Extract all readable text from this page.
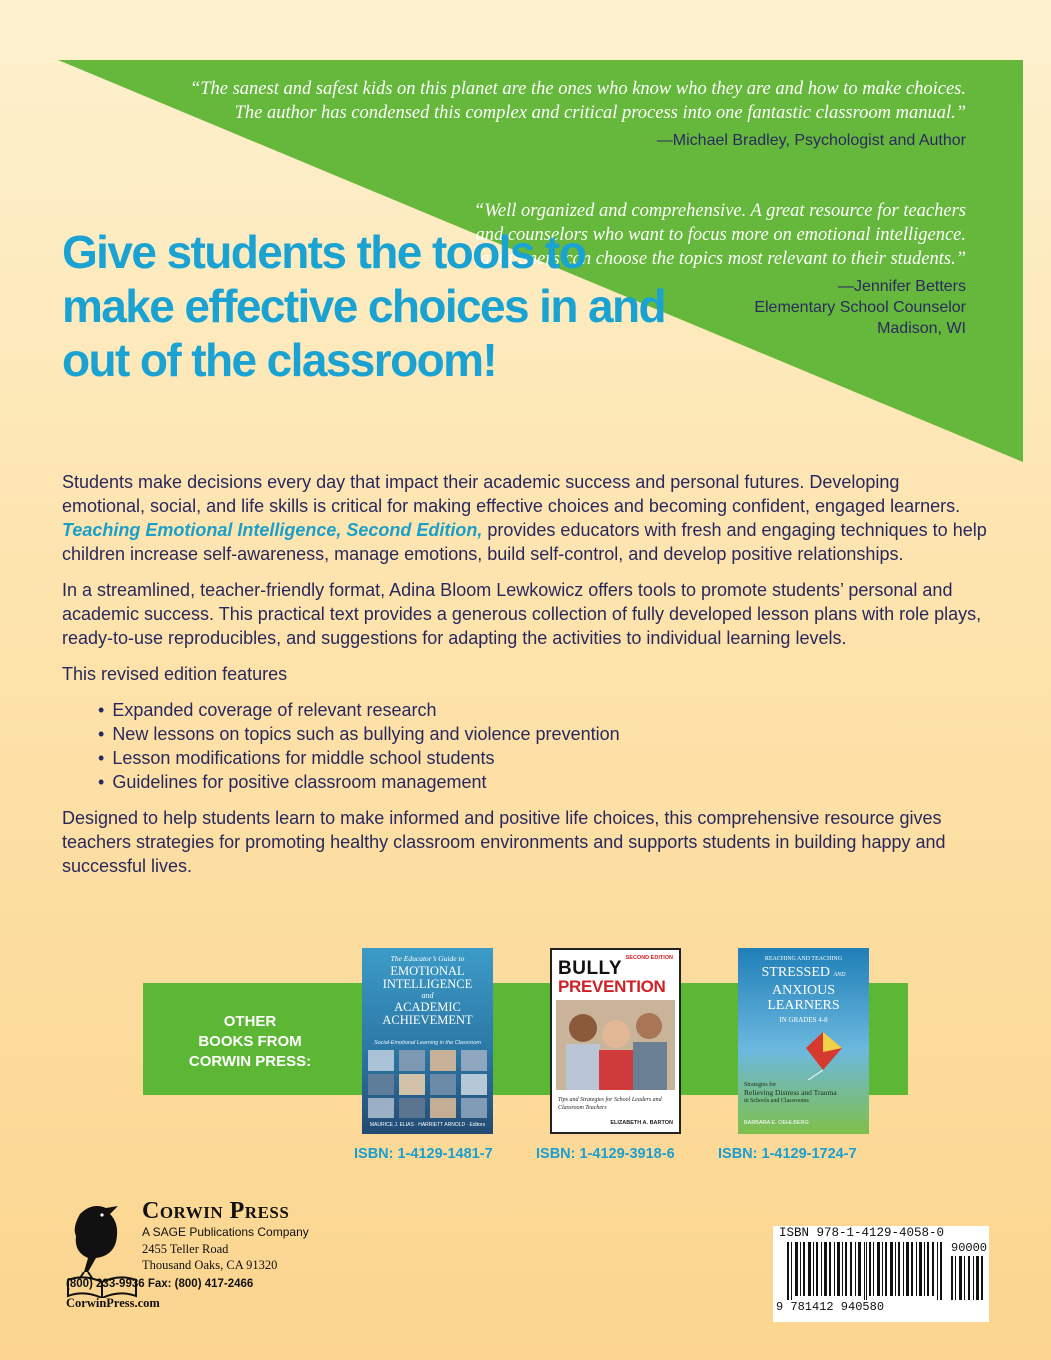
“The sanest and safest kids on this planet are the ones who know who they are and how to make choices. The author has condensed this complex and critical process into one fantastic classroom manual.”

—Michael Bradley, Psychologist and Author

“Well organized and comprehensive. A great resource for teachers and counselors who want to focus more on emotional intelligence. Practitioners can choose the topics most relevant to their students.”

—Jennifer Betters
Elementary School Counselor
Madison, WI

Give students the tools to make effective choices in and out of the classroom!

Students make decisions every day that impact their academic success and personal futures. Developing emotional, social, and life skills is critical for making effective choices and becoming confident, engaged learners. Teaching Emotional Intelligence, Second Edition, provides educators with fresh and engaging techniques to help children increase self-awareness, manage emotions, build self-control, and develop positive relationships.

In a streamlined, teacher-friendly format, Adina Bloom Lewkowicz offers tools to promote students’ personal and academic success. This practical text provides a generous collection of fully developed lesson plans with role plays, ready-to-use reproducibles, and suggestions for adapting the activities to individual learning levels.

This revised edition features

• Expanded coverage of relevant research
• New lessons on topics such as bullying and violence prevention
• Lesson modifications for middle school students
• Guidelines for positive classroom management

Designed to help students learn to make informed and positive life choices, this comprehensive resource gives teachers strategies for promoting healthy classroom environments and supports students in building happy and successful lives.

OTHER
BOOKS FROM
CORWIN PRESS:
The Educator’s Guide to
EMOTIONAL
INTELLIGENCE
and
ACADEMIC
ACHIEVEMENT
Social-Emotional Learning in the Classroom
MAURICE J. ELIAS · HARRIETT ARNOLD · Editors
SECOND EDITION
BULLY
PREVENTION
Tips and Strategies for School Leaders and Classroom Teachers
ELIZABETH A. BARTON
REACHING AND TEACHING
STRESSED AND
ANXIOUS
LEARNERS
IN GRADES 4-8
Strategies for
Relieving Distress and Trauma
in Schools and Classrooms
BARBARA E. OEHLBERG
ISBN: 1-4129-1481-7	ISBN: 1-4129-3918-6	ISBN: 1-4129-1724-7
Corwin Press
A SAGE Publications Company
2455 Teller Road
Thousand Oaks, CA 91320
(800) 233-9936 Fax: (800) 417-2466
CorwinPress.com
ISBN 978-1-4129-4058-0
90000
9 781412 940580
